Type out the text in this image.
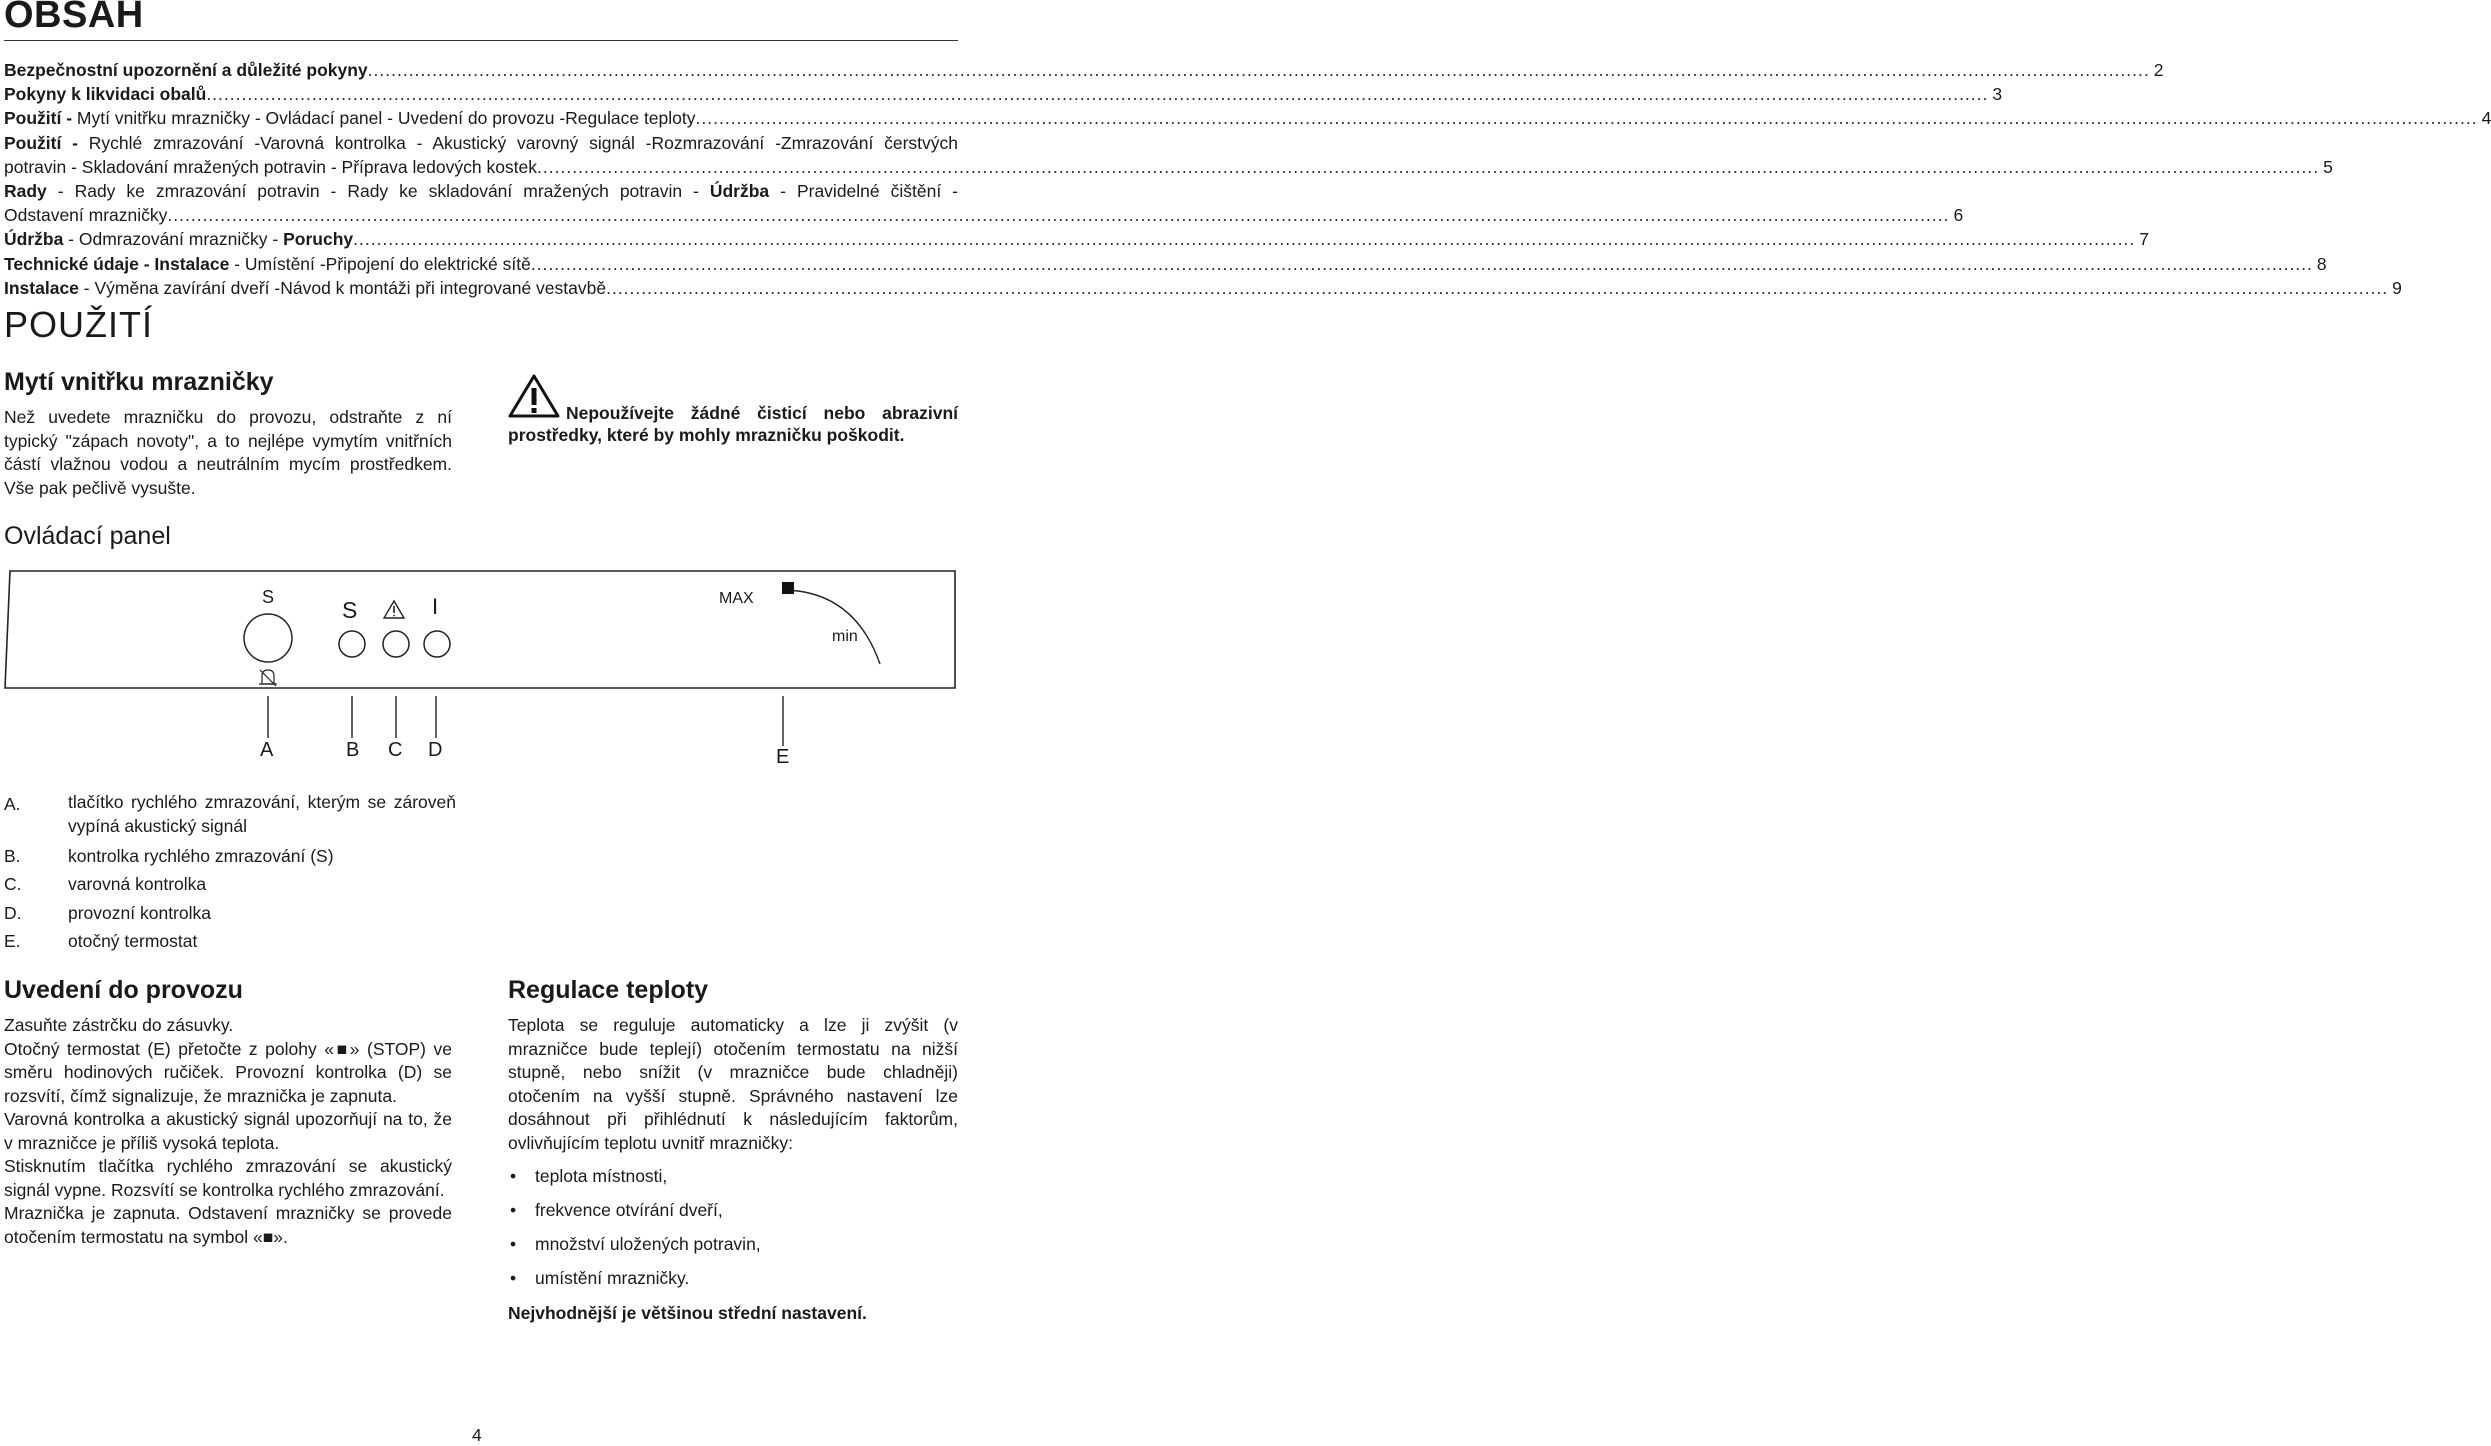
OBSAH
Bezpečnostní upozornění a důležité pokyny .....	2
Pokyny k likvidaci obalů .....	3
Použití - Mytí vnitřku mrazničky - Ovládací panel - Uvedení do provozu -Regulace teploty .....	4
Použití - Rychlé zmrazování -Varovná kontrolka - Akustický varovný signál -Rozmrazování -Zmrazování čerstvých
potravin - Skladování mražených potravin - Příprava ledových kostek .....	5
Rady - Rady ke zmrazování potravin - Rady ke skladování mražených potravin - Údržba - Pravidelné čištění -
Odstavení mrazničky .....	6
Údržba - Odmrazování mrazničky - Poruchy .....	7
Technické údaje - Instalace - Umístění -Připojení do elektrické sítě .....	8
Instalace - Výměna zavírání dveří -Návod k montáži při integrované vestavbě .....	9
POUŽITÍ
Mytí vnitřku mrazničky

Než uvedete mrazničku do provozu, odstraňte z ní typický "zápach novoty", a to nejlépe vymytím vnitřních částí vlažnou vodou a neutrálním mycím prostředkem. Vše pak pečlivě vysušte.

Nepoužívejte žádné čisticí nebo abrazivní prostředky, které by mohly mrazničku poškodit.
Ovládací panel
S	S	I	MAX
min
A	B C D	E
A.	tlačítko rychlého zmrazování, kterým se zároveň vypíná akustický signál
B.	kontrolka rychlého zmrazování (S)
C.	varovná kontrolka
D.	provozní kontrolka
E.	otočný termostat
Uvedení do provozu

Zasuňte zástrčku do zásuvky.

Otočný termostat (E) přetočte z polohy «■» (STOP) ve směru hodinových ručiček. Provozní kontrolka (D) se rozsvítí, čímž signalizuje, že mraznička je zapnuta.

Varovná kontrolka a akustický signál upozorňují na to, že v mrazničce je příliš vysoká teplota.

Stisknutím tlačítka rychlého zmrazování se akustický signál vypne. Rozsvítí se kontrolka rychlého zmrazování.

Mraznička je zapnuta. Odstavení mrazničky se provede otočením termostatu na symbol «■».

Regulace teploty

Teplota se reguluje automaticky a lze ji zvýšit (v mrazničce bude teplejí) otočením termostatu na nižší stupně, nebo snížit (v mrazničce bude chladněji) otočením na vyšší stupně. Správného nastavení lze dosáhnout při přihlédnutí k následujícím faktorům, ovlivňujícím teplotu uvnitř mrazničky:

• teplota místnosti,
• frekvence otvírání dveří,
• množství uložených potravin,
• umístění mrazničky.

Nejvhodnější je většinou střední nastavení.

4
